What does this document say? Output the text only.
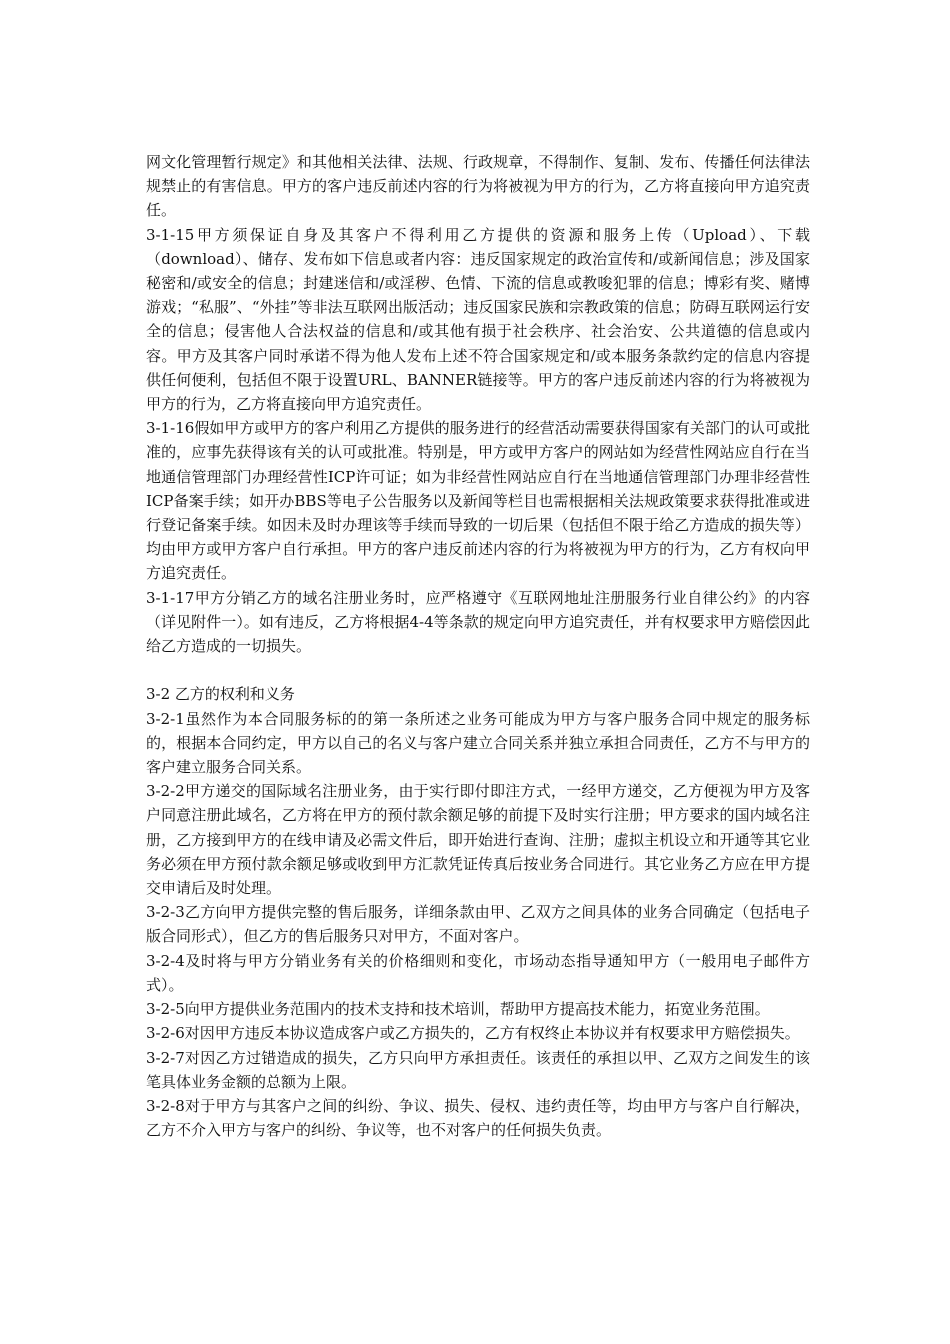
网文化管理暂行规定》和其他相关法律、法规、行政规章，不得制作、复制、发布、传播任何法律法规禁止的有害信息。甲方的客户违反前述内容的行为将被视为甲方的行为，乙方将直接向甲方追究责任。

3-1-15甲方须保证自身及其客户不得利用乙方提供的资源和服务上传（Upload）、下载（download）、储存、发布如下信息或者内容：违反国家规定的政治宣传和/或新闻信息；涉及国家秘密和/或安全的信息；封建迷信和/或淫秽、色情、下流的信息或教唆犯罪的信息；博彩有奖、赌博游戏；“私服”、“外挂”等非法互联网出版活动；违反国家民族和宗教政策的信息；防碍互联网运行安全的信息；侵害他人合法权益的信息和/或其他有损于社会秩序、社会治安、公共道德的信息或内容。甲方及其客户同时承诺不得为他人发布上述不符合国家规定和/或本服务条款约定的信息内容提供任何便利，包括但不限于设置URL、BANNER链接等。甲方的客户违反前述内容的行为将被视为甲方的行为，乙方将直接向甲方追究责任。

3-1-16假如甲方或甲方的客户利用乙方提供的服务进行的经营活动需要获得国家有关部门的认可或批准的，应事先获得该有关的认可或批准。特别是，甲方或甲方客户的网站如为经营性网站应自行在当地通信管理部门办理经营性ICP许可证；如为非经营性网站应自行在当地通信管理部门办理非经营性ICP备案手续；如开办BBS等电子公告服务以及新闻等栏目也需根据相关法规政策要求获得批准或进行登记备案手续。如因未及时办理该等手续而导致的一切后果（包括但不限于给乙方造成的损失等）均由甲方或甲方客户自行承担。甲方的客户违反前述内容的行为将被视为甲方的行为，乙方有权向甲方追究责任。

3-1-17甲方分销乙方的域名注册业务时，应严格遵守《互联网地址注册服务行业自律公约》的内容（详见附件一）。如有违反，乙方将根据4-4等条款的规定向甲方追究责任，并有权要求甲方赔偿因此给乙方造成的一切损失。

3-2 乙方的权利和义务

3-2-1虽然作为本合同服务标的的第一条所述之业务可能成为甲方与客户服务合同中规定的服务标的，根据本合同约定，甲方以自己的名义与客户建立合同关系并独立承担合同责任，乙方不与甲方的客户建立服务合同关系。

3-2-2甲方递交的国际域名注册业务，由于实行即付即注方式，一经甲方递交，乙方便视为甲方及客户同意注册此域名，乙方将在甲方的预付款余额足够的前提下及时实行注册；甲方要求的国内域名注册，乙方接到甲方的在线申请及必需文件后，即开始进行查询、注册；虚拟主机设立和开通等其它业务必须在甲方预付款余额足够或收到甲方汇款凭证传真后按业务合同进行。其它业务乙方应在甲方提交申请后及时处理。

3-2-3乙方向甲方提供完整的售后服务，详细条款由甲、乙双方之间具体的业务合同确定（包括电子版合同形式），但乙方的售后服务只对甲方，不面对客户。

3-2-4及时将与甲方分销业务有关的价格细则和变化，市场动态指导通知甲方（一般用电子邮件方式）。

3-2-5向甲方提供业务范围内的技术支持和技术培训，帮助甲方提高技术能力，拓宽业务范围。

3-2-6对因甲方违反本协议造成客户或乙方损失的，乙方有权终止本协议并有权要求甲方赔偿损失。

3-2-7对因乙方过错造成的损失，乙方只向甲方承担责任。该责任的承担以甲、乙双方之间发生的该笔具体业务金额的总额为上限。

3-2-8对于甲方与其客户之间的纠纷、争议、损失、侵权、违约责任等，均由甲方与客户自行解决，乙方不介入甲方与客户的纠纷、争议等，也不对客户的任何损失负责。
